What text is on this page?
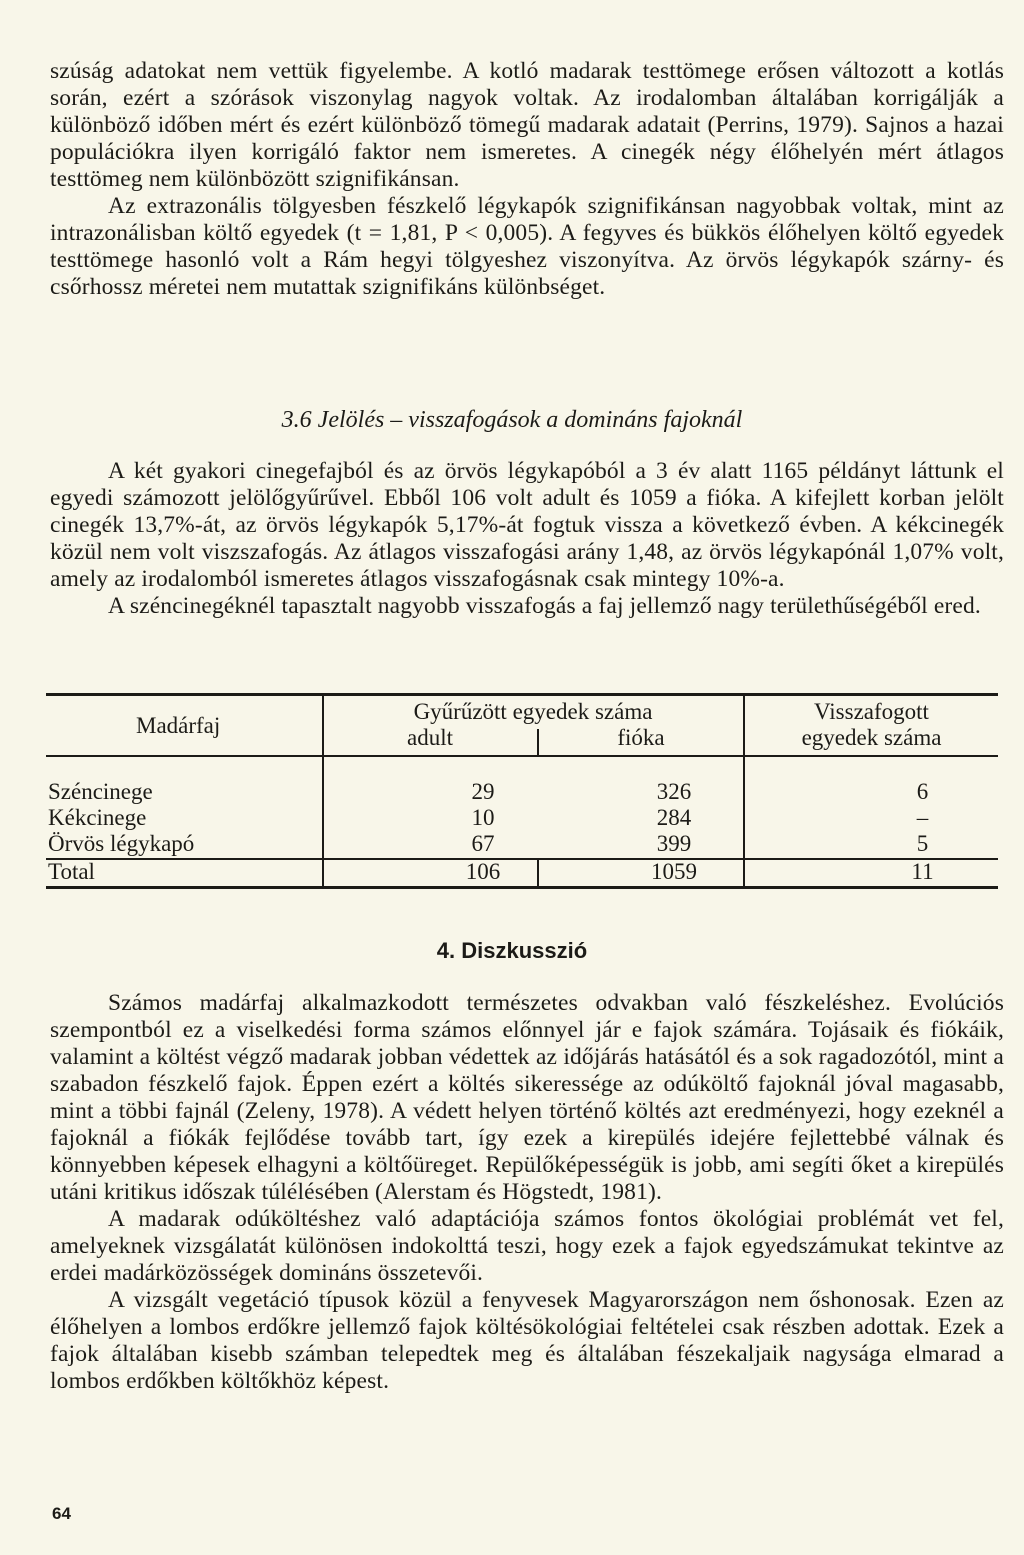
szúság adatokat nem vettük figyelembe. A kotló madarak testtömege erősen változott a kotlás során, ezért a szórások viszonylag nagyok voltak. Az irodalomban általában korrigálják a különböző időben mért és ezért különböző tömegű madarak adatait (Perrins, 1979). Sajnos a hazai populációkra ilyen korrigáló faktor nem ismeretes. A cinegék négy élőhelyén mért átlagos testtömeg nem különbözött szignifikánsan.

Az extrazonális tölgyesben fészkelő légykapók szignifikánsan nagyobbak voltak, mint az intrazonálisban költő egyedek (t = 1,81, P < 0,005). A fegyves és bükkös élőhelyen költő egyedek testtömege hasonló volt a Rám hegyi tölgyeshez viszonyítva. Az örvös légykapók szárny- és csőrhossz méretei nem mutattak szignifikáns különbséget.

3.6 Jelölés – visszafogások a domináns fajoknál

A két gyakori cinegefajból és az örvös légykapóból a 3 év alatt 1165 példányt láttunk el egyedi számozott jelölőgyűrűvel. Ebből 106 volt adult és 1059 a fióka. A kifejlett korban jelölt cinegék 13,7%-át, az örvös légykapók 5,17%-át fogtuk vissza a következő évben. A kékcinegék közül nem volt viszszafogás. Az átlagos visszafogási arány 1,48, az örvös légykapónál 1,07% volt, amely az irodalomból ismeretes átlagos visszafogásnak csak mintegy 10%-a.

A széncinegéknél tapasztalt nagyobb visszafogás a faj jellemző nagy területhűségéből ered.

Madárfaj
Gyűrűzött egyedek száma
adult	fióka
Visszafogott
egyedek száma
Széncinege	29	326	6
Kékcinege	10	284	–
Örvös légykapó	67	399	5
Total	106	1059	11
4. Diszkusszió

Számos madárfaj alkalmazkodott természetes odvakban való fészkeléshez. Evolúciós szempontból ez a viselkedési forma számos előnnyel jár e fajok számára. Tojásaik és fiókáik, valamint a költést végző madarak jobban védettek az időjárás hatásától és a sok ragadozótól, mint a szabadon fészkelő fajok. Éppen ezért a költés sikeressége az odúköltő fajoknál jóval magasabb, mint a többi fajnál (Zeleny, 1978). A védett helyen történő költés azt eredményezi, hogy ezeknél a fajoknál a fiókák fejlődése tovább tart, így ezek a kirepülés idejére fejlettebbé válnak és könnyebben képesek elhagyni a költőüreget. Repülőképességük is jobb, ami segíti őket a kirepülés utáni kritikus időszak túlélésében (Alerstam és Högstedt, 1981).

A madarak odúköltéshez való adaptációja számos fontos ökológiai problémát vet fel, amelyeknek vizsgálatát különösen indokolttá teszi, hogy ezek a fajok egyedszámukat tekintve az erdei madárközösségek domináns összetevői.

A vizsgált vegetáció típusok közül a fenyvesek Magyarországon nem őshonosak. Ezen az élőhelyen a lombos erdőkre jellemző fajok költésökológiai feltételei csak részben adottak. Ezek a fajok általában kisebb számban telepedtek meg és általában fészekaljaik nagysága elmarad a lombos erdőkben költőkhöz képest.

64
